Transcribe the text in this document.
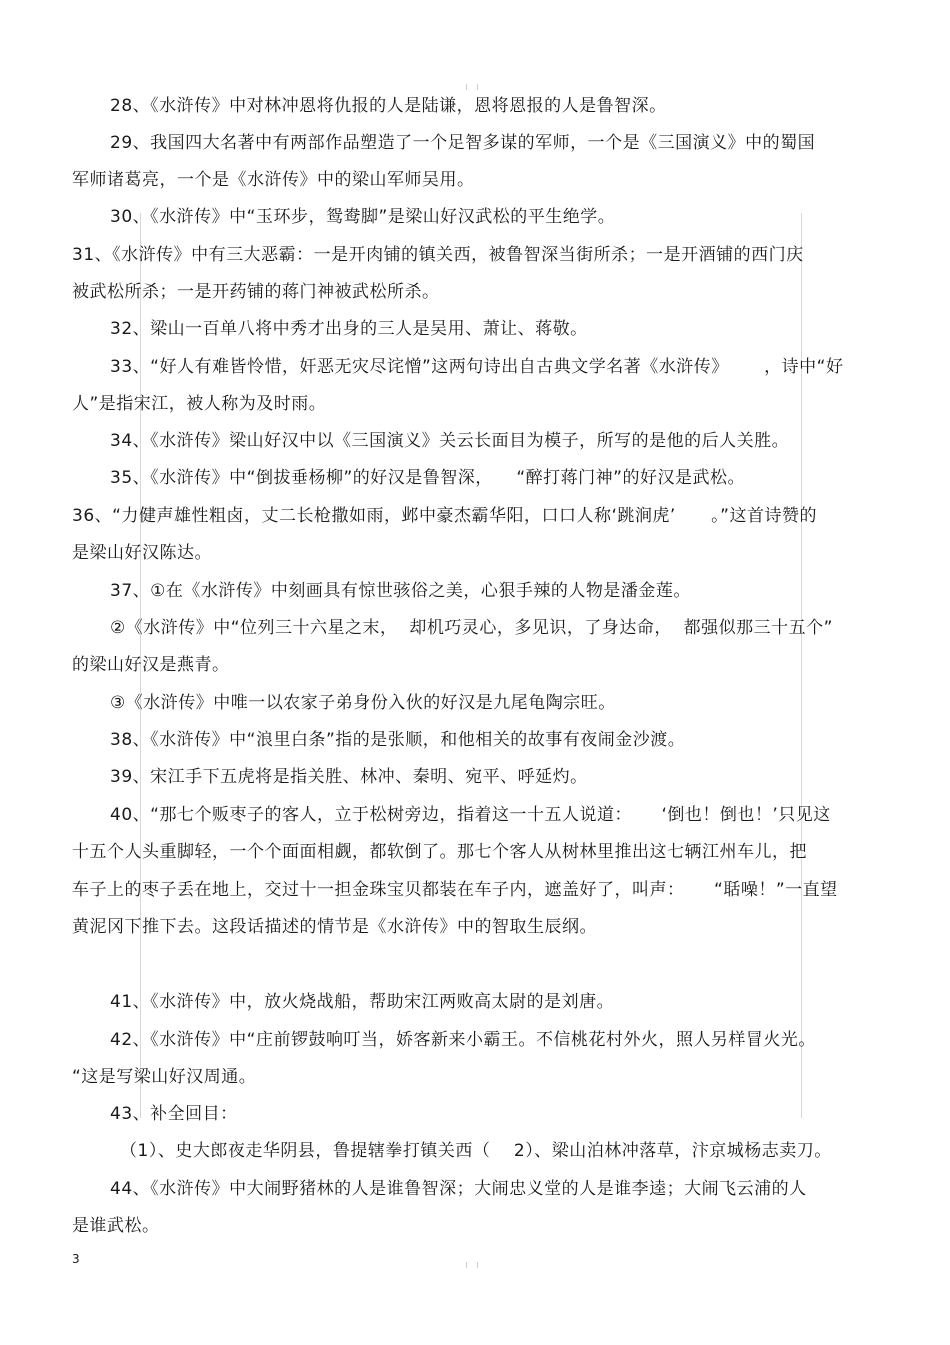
28、《水浒传》中对林冲恩将仇报的人是陆谦，恩将恩报的人是鲁智深。
29、我国四大名著中有两部作品塑造了一个足智多谋的军师，一个是《三国演义》中的蜀国
军师诸葛亮，一个是《水浒传》中的梁山军师吴用。
30、《水浒传》中“玉环步，鸳鸯脚”是梁山好汉武松的平生绝学。
31、《水浒传》中有三大恶霸：一是开肉铺的镇关西，被鲁智深当街所杀；一是开酒铺的西门庆
被武松所杀；一是开药铺的蒋门神被武松所杀。
32、梁山一百单八将中秀才出身的三人是吴用、萧让、蒋敬。
33、“好人有难皆怜惜，奸恶无灾尽诧憎”这两句诗出自古典文学名著《水浒传》      ，诗中“好
人”是指宋江，被人称为及时雨。
34、《水浒传》梁山好汉中以《三国演义》关云长面目为模子，所写的是他的后人关胜。
35、《水浒传》中“倒拔垂杨柳”的好汉是鲁智深，    “醉打蒋门神”的好汉是武松。
36、“力健声雄性粗卤，丈二长枪撒如雨，邺中豪杰霸华阳，口口人称‘跳涧虎’      。”这首诗赞的
是梁山好汉陈达。
37、①在《水浒传》中刻画具有惊世骇俗之美，心狠手辣的人物是潘金莲。
②《水浒传》中“位列三十六星之末，  却机巧灵心，多见识，了身达命，  都强似那三十五个”
的梁山好汉是燕青。
③《水浒传》中唯一以农家子弟身份入伙的好汉是九尾龟陶宗旺。
38、《水浒传》中“浪里白条”指的是张顺，和他相关的故事有夜闹金沙渡。
39、宋江手下五虎将是指关胜、林冲、秦明、宛平、呼延灼。
40、“那七个贩枣子的客人，立于松树旁边，指着这一十五人说道：     ‘倒也！倒也！’只见这
十五个人头重脚轻，一个个面面相觑，都软倒了。那七个客人从树林里推出这七辆江州车儿，把
车子上的枣子丢在地上，交过十一担金珠宝贝都装在车子内，遮盖好了，叫声：     “聒噪！”一直望
黄泥冈下推下去。这段话描述的情节是《水浒传》中的智取生辰纲。
41、《水浒传》中，放火烧战船，帮助宋江两败高太尉的是刘唐。
42、《水浒传》中“庄前锣鼓响叮当，娇客新来小霸王。不信桃花村外火，照人另样冒火光。
“这是写梁山好汉周通。
43、补全回目：
（1）、史大郎夜走华阴县，鲁提辖拳打镇关西（    2）、梁山泊林冲落草，汴京城杨志卖刀。
44、《水浒传》中大闹野猪林的人是谁鲁智深；大闹忠义堂的人是谁李逵；大闹飞云浦的人
是谁武松。
3
